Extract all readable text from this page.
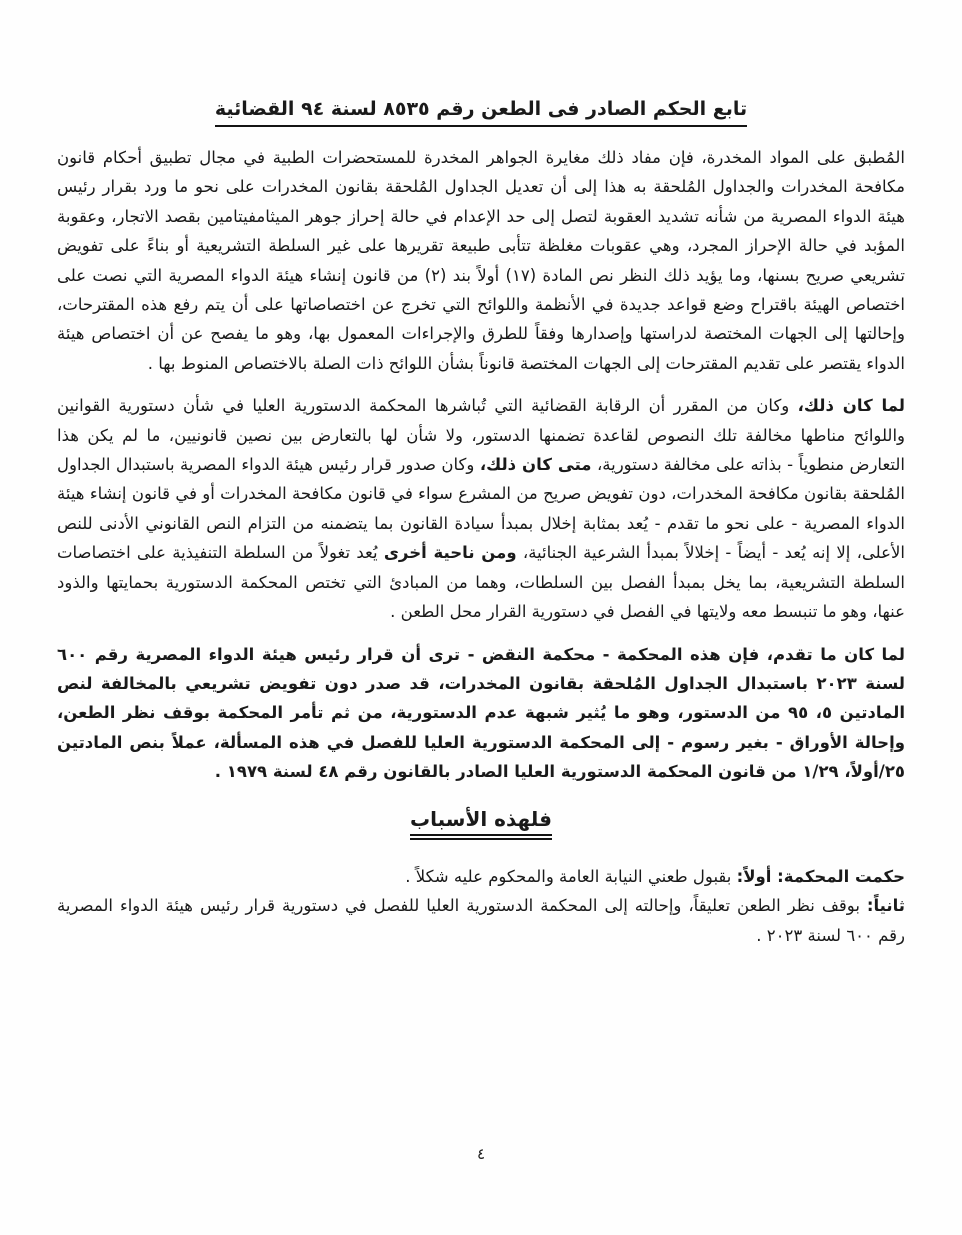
تابع الحكم الصادر فى الطعن رقم ٨٥٣٥ لسنة ٩٤ القضائية

المُطبق على المواد المخدرة، فإن مفاد ذلك مغايرة الجواهر المخدرة للمستحضرات الطبية في مجال تطبيق أحكام قانون مكافحة المخدرات والجداول المُلحقة به هذا إلى أن تعديل الجداول المُلحقة بقانون المخدرات على نحو ما ورد بقرار رئيس هيئة الدواء المصرية من شأنه تشديد العقوبة لتصل إلى حد الإعدام في حالة إحراز جوهر الميثامفيتامين بقصد الاتجار، وعقوبة المؤبد في حالة الإحراز المجرد، وهي عقوبات مغلظة تتأبى طبيعة تقريرها على غير السلطة التشريعية أو بناءً على تفويض تشريعي صريح بسنها، وما يؤيد ذلك النظر نص المادة (١٧) أولاً بند (٢) من قانون إنشاء هيئة الدواء المصرية التي نصت على اختصاص الهيئة باقتراح وضع قواعد جديدة في الأنظمة واللوائح التي تخرج عن اختصاصاتها على أن يتم رفع هذه المقترحات، وإحالتها إلى الجهات المختصة لدراستها وإصدارها وفقاً للطرق والإجراءات المعمول بها، وهو ما يفصح عن أن اختصاص هيئة الدواء يقتصر على تقديم المقترحات إلى الجهات المختصة قانوناً بشأن اللوائح ذات الصلة بالاختصاص المنوط بها .

لما كان ذلك، وكان من المقرر أن الرقابة القضائية التي تُباشرها المحكمة الدستورية العليا في شأن دستورية القوانين واللوائح مناطها مخالفة تلك النصوص لقاعدة تضمنها الدستور، ولا شأن لها بالتعارض بين نصين قانونيين، ما لم يكن هذا التعارض منطوياً - بذاته على مخالفة دستورية، متى كان ذلك، وكان صدور قرار رئيس هيئة الدواء المصرية باستبدال الجداول المُلحقة بقانون مكافحة المخدرات، دون تفويض صريح من المشرع سواء في قانون مكافحة المخدرات أو في قانون إنشاء هيئة الدواء المصرية - على نحو ما تقدم - يُعد بمثابة إخلال بمبدأ سيادة القانون بما يتضمنه من التزام النص القانوني الأدنى للنص الأعلى، إلا إنه يُعد - أيضاً - إخلالاً بمبدأ الشرعية الجنائية، ومن ناحية أخرى يُعد تغولاً من السلطة التنفيذية على اختصاصات السلطة التشريعية، بما يخل بمبدأ الفصل بين السلطات، وهما من المبادئ التي تختص المحكمة الدستورية بحمايتها والذود عنها، وهو ما تنبسط معه ولايتها في الفصل في دستورية القرار محل الطعن .

لما كان ما تقدم، فإن هذه المحكمة - محكمة النقض - ترى أن قرار رئيس هيئة الدواء المصرية رقم ٦٠٠ لسنة ٢٠٢٣ باستبدال الجداول المُلحقة بقانون المخدرات، قد صدر دون تفويض تشريعي بالمخالفة لنص المادتين ٥، ٩٥ من الدستور، وهو ما يُثير شبهة عدم الدستورية، من ثم تأمر المحكمة بوقف نظر الطعن، وإحالة الأوراق - بغير رسوم - إلى المحكمة الدستورية العليا للفصل في هذه المسألة، عملاً بنص المادتين ٢٥/أولاً، ١/٢٩ من قانون المحكمة الدستورية العليا الصادر بالقانون رقم ٤٨ لسنة ١٩٧٩ .

فلهذه الأسباب

حكمت المحكمة: أولاً: بقبول طعني النيابة العامة والمحكوم عليه شكلاً .

ثانياً: بوقف نظر الطعن تعليقاً، وإحالته إلى المحكمة الدستورية العليا للفصل في دستورية قرار رئيس هيئة الدواء المصرية رقم ٦٠٠ لسنة ٢٠٢٣ .

٤
